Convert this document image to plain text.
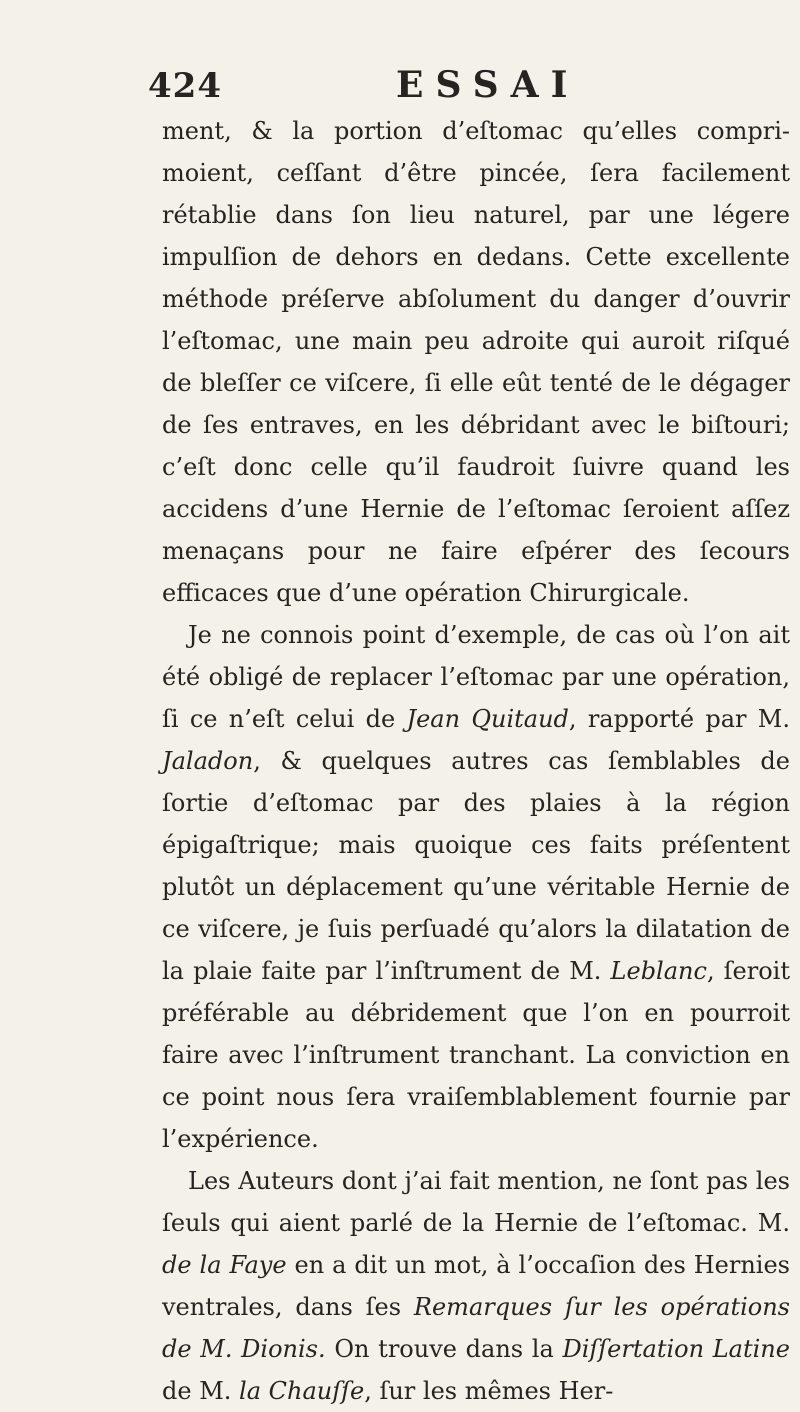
424	ESSAI

ment, & la portion d’eſtomac qu’elles compri-moient, ceſſant d’être pincée, ſera facilement rétablie dans ſon lieu naturel, par une légere impulſion de dehors en dedans. Cette excellente méthode préſerve abſolument du danger d’ouvrir l’eſtomac, une main peu adroite qui auroit riſqué de bleſſer ce viſcere, ſi elle eût tenté de le dégager de ſes entraves, en les débridant avec le biſtouri; c’eſt donc celle qu’il faudroit ſuivre quand les accidens d’une Hernie de l’eſtomac ſeroient aſſez menaçans pour ne faire eſpérer des ſecours efficaces que d’une opération Chirurgicale.

Je ne connois point d’exemple, de cas où l’on ait été obligé de replacer l’eſtomac par une opération, ſi ce n’eſt celui de Jean Quitaud, rapporté par M. Jaladon, & quelques autres cas ſemblables de ſortie d’eſtomac par des plaies à la région épigaſtrique; mais quoique ces faits préſentent plutôt un déplacement qu’une véritable Hernie de ce viſcere, je ſuis perſuadé qu’alors la dilatation de la plaie faite par l’inſtrument de M. Leblanc, ſeroit préférable au débridement que l’on en pourroit faire avec l’inſtrument tranchant. La conviction en ce point nous ſera vraiſemblablement fournie par l’expérience.

Les Auteurs dont j’ai fait mention, ne ſont pas les ſeuls qui aient parlé de la Hernie de l’eſtomac. M. de la Faye en a dit un mot, à l’occaſion des Hernies ventrales, dans ſes Remarques ſur les opérations de M. Dionis. On trouve dans la Diſſertation Latine de M. la Chauſſe, ſur les mêmes Her-
